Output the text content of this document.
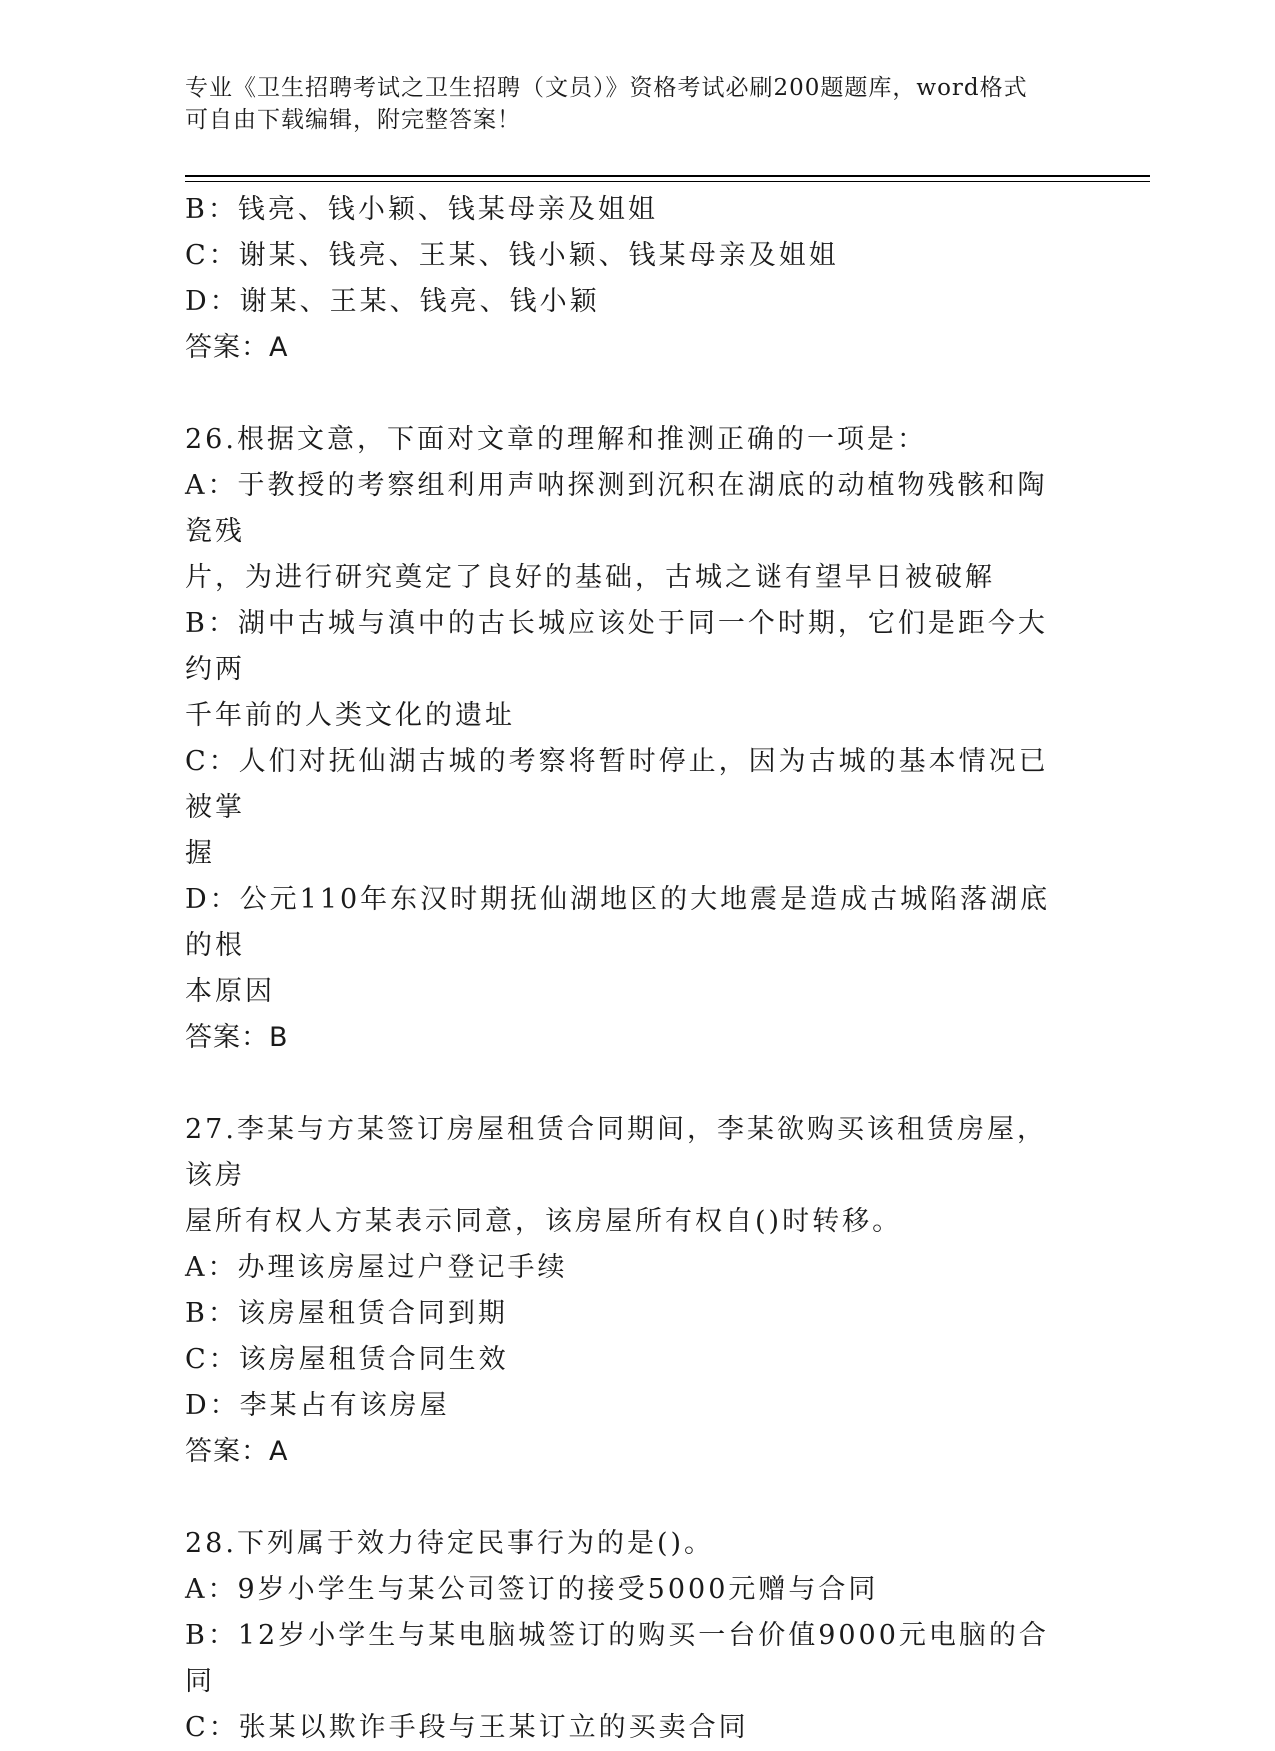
专业《卫生招聘考试之卫生招聘（文员）》资格考试必刷200题题库，word格式
可自由下载编辑，附完整答案！

B：钱亮、钱小颖、钱某母亲及姐姐

C：谢某、钱亮、王某、钱小颖、钱某母亲及姐姐

D：谢某、王某、钱亮、钱小颖

答案：A

26.根据文意，下面对文章的理解和推测正确的一项是：

A：于教授的考察组利用声呐探测到沉积在湖底的动植物残骸和陶瓷残

片，为进行研究奠定了良好的基础，古城之谜有望早日被破解

B：湖中古城与滇中的古长城应该处于同一个时期，它们是距今大约两

千年前的人类文化的遗址

C：人们对抚仙湖古城的考察将暂时停止，因为古城的基本情况已被掌

握

D：公元110年东汉时期抚仙湖地区的大地震是造成古城陷落湖底的根

本原因

答案：B

27.李某与方某签订房屋租赁合同期间，李某欲购买该租赁房屋，该房

屋所有权人方某表示同意，该房屋所有权自()时转移。

A：办理该房屋过户登记手续

B：该房屋租赁合同到期

C：该房屋租赁合同生效

D：李某占有该房屋

答案：A

28.下列属于效力待定民事行为的是()。

A：9岁小学生与某公司签订的接受5000元赠与合同

B：12岁小学生与某电脑城签订的购买一台价值9000元电脑的合同

C：张某以欺诈手段与王某订立的买卖合同
